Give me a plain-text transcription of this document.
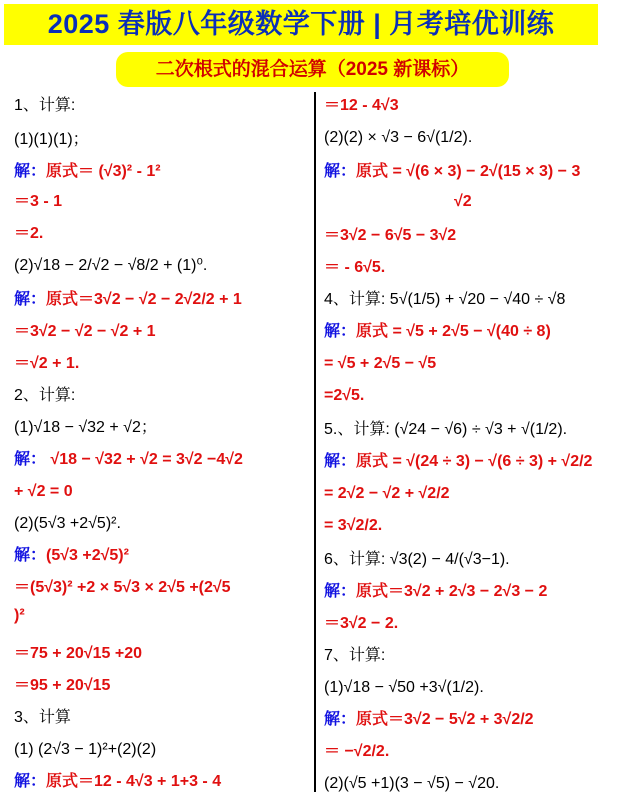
2025 春版八年级数学下册 | 月考培优训练
二次根式的混合运算（2025 新课标）
1、计算:
(1)(1)(1)；
解：原式＝ (√3)² - 1²
＝3 - 1
＝2.
(2)√18 − 2/√2 − √8/2 + (1)⁰.
解：原式＝3√2 − √2 − 2√2/2 + 1
＝3√2 − √2 − √2 + 1
＝√2 + 1.
2、计算:
(1)√18 − √32 + √2；
解： √18 − √32 + √2 = 3√2 −4√2
+ √2 = 0
(2)(5√3 +2√5)².
解：(5√3 +2√5)²
＝(5√3)² +2 × 5√3 × 2√5 +(2√5
)²
＝75 + 20√15 +20
＝95 + 20√15
3、计算
(1) (2√3 − 1)²+(2)(2)
解：原式＝12 - 4√3 + 1+3 - 4
＝12 - 4√3
(2)(2) × √3 − 6√(1/2).
解：原式 = √(6 × 3) − 2√(15 × 3) − 3
√2
＝3√2 − 6√5 − 3√2
＝ - 6√5.
4、计算: 5√(1/5) + √20 − √40 ÷ √8
解：原式 = √5 + 2√5 − √(40 ÷ 8)
= √5 + 2√5 − √5
=2√5.
5.、计算: (√24 − √6) ÷ √3 + √(1/2).
解：原式 = √(24 ÷ 3) − √(6 ÷ 3) + √2/2
= 2√2 − √2 + √2/2
= 3√2/2.
6、计算: √3(2) − 4/(√3−1).
解：原式＝3√2 + 2√3 − 2√3 − 2
＝3√2 − 2.
7、计算:
(1)√18 − √50 +3√(1/2).
解：原式＝3√2 − 5√2 + 3√2/2
＝ −√2/2.
(2)(√5 +1)(3 − √5) − √20.
